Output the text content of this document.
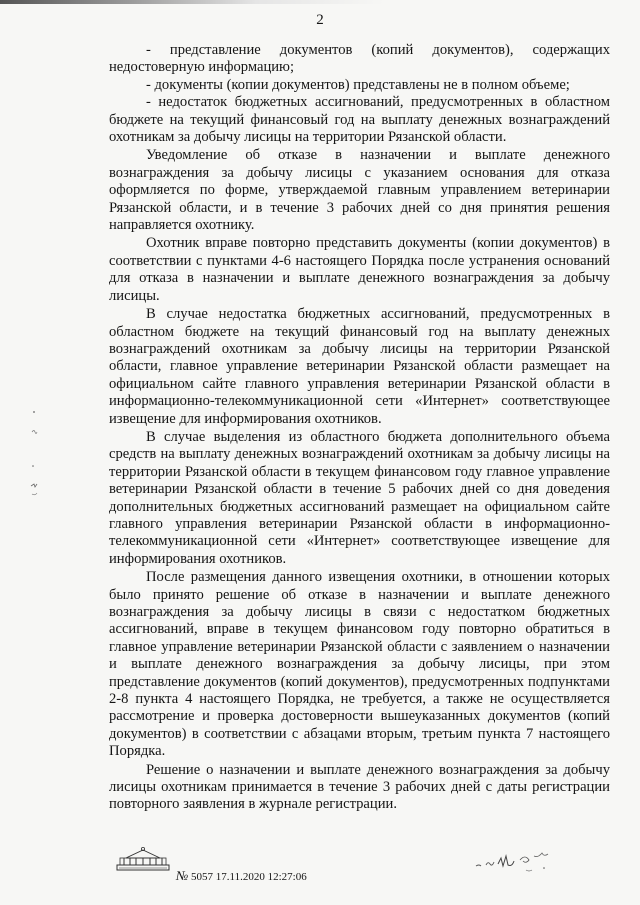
2

- представление документов (копий документов), содержащих недостоверную информацию;

- документы (копии документов) представлены не в полном объеме;

- недостаток бюджетных ассигнований, предусмотренных в областном бюджете на текущий финансовый год на выплату денежных вознаграждений охотникам за добычу лисицы на территории Рязанской области.

Уведомление об отказе в назначении и выплате денежного вознаграждения за добычу лисицы с указанием основания для отказа оформляется по форме, утверждаемой главным управлением ветеринарии Рязанской области, и в течение 3 рабочих дней со дня принятия решения направляется охотнику.

Охотник вправе повторно представить документы (копии документов) в соответствии с пунктами 4-6 настоящего Порядка после устранения оснований для отказа в назначении и выплате денежного вознаграждения за добычу лисицы.

В случае недостатка бюджетных ассигнований, предусмотренных в областном бюджете на текущий финансовый год на выплату денежных вознаграждений охотникам за добычу лисицы на территории Рязанской области, главное управление ветеринарии Рязанской области размещает на официальном сайте главного управления ветеринарии Рязанской области в информационно-телекоммуникационной сети «Интернет» соответствующее извещение для информирования охотников.

В случае выделения из областного бюджета дополнительного объема средств на выплату денежных вознаграждений охотникам за добычу лисицы на территории Рязанской области в текущем финансовом году главное управление ветеринарии Рязанской области в течение 5 рабочих дней со дня доведения дополнительных бюджетных ассигнований размещает на официальном сайте главного управления ветеринарии Рязанской области в информационно-телекоммуникационной сети «Интернет» соответствующее извещение для информирования охотников.

После размещения данного извещения охотники, в отношении которых было принято решение об отказе в назначении и выплате денежного вознаграждения за добычу лисицы в связи с недостатком бюджетных ассигнований, вправе в текущем финансовом году повторно обратиться в главное управление ветеринарии Рязанской области с заявлением о назначении и выплате денежного вознаграждения за добычу лисицы, при этом представление документов (копий документов), предусмотренных подпунктами 2-8 пункта 4 настоящего Порядка, не требуется, а также не осуществляется рассмотрение и проверка достоверности вышеуказанных документов (копий документов) в соответствии с абзацами вторым, третьим пункта 7 настоящего Порядка.

Решение о назначении и выплате денежного вознаграждения за добычу лисицы охотникам принимается в течение 3 рабочих дней с даты регистрации повторного заявления в журнале регистрации.

№ 5057 17.11.2020 12:27:06
